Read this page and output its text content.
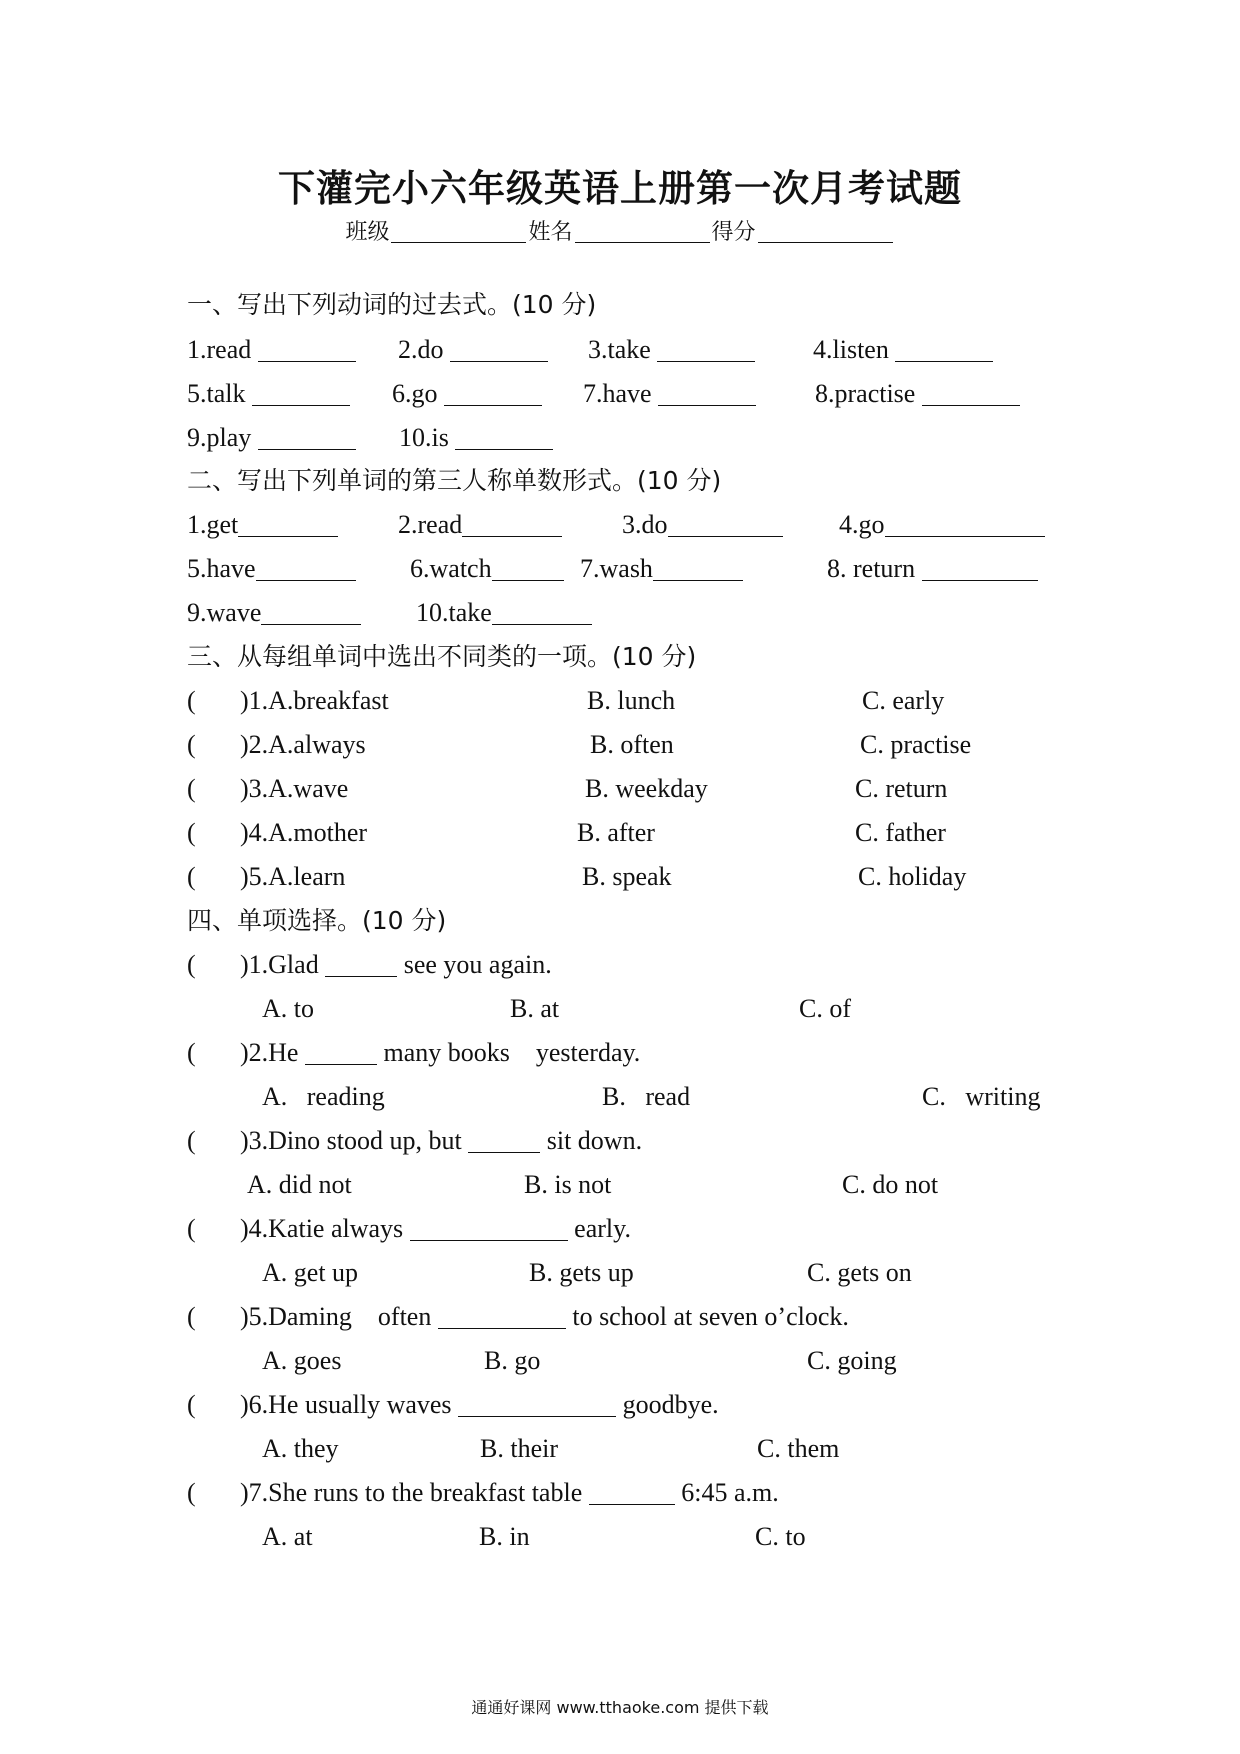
下灌完小六年级英语上册第一次月考试题
班级	姓名	得分
一、写出下列动词的过去式。(10 分)
1.read	2.do	3.take	4.listen
5.talk	6.go	7.have	8.practise
9.play	10.is
二、写出下列单词的第三人称单数形式。(10 分)
1.get	2.read	3.do	4.go
5.have	6.watch	7.wash	8. return
9.wave	10.take
三、从每组单词中选出不同类的一项。(10 分)
( )1.A.breakfast	B. lunch	C. early
( )2.A.always	B. often	C. practise
( )3.A.wave	B. weekday	C. return
( )4.A.mother	B. after	C. father
( )5.A.learn	B. speak	C. holiday
四、单项选择。(10 分)
( )1.Glad	see you again.
A. to	B. at	C. of
( )2.He	many books    yesterday.

A.   reading

	B.   read

	C.   writing

( )3.Dino stood up, but	sit down.
A. did not	B. is not	C. do not
( )4.Katie always	early.
A. get up	B. gets up	C. gets on
( )5.Daming    often	to school at seven o’clock.
A. goes	B. go	C. going
( )6.He usually waves	goodbye.
A. they	B. their	C. them
( )7.She runs to the breakfast table	6:45 a.m.
A. at	B. in	C. to
通通好课网 www.tthaoke.com 提供下载
